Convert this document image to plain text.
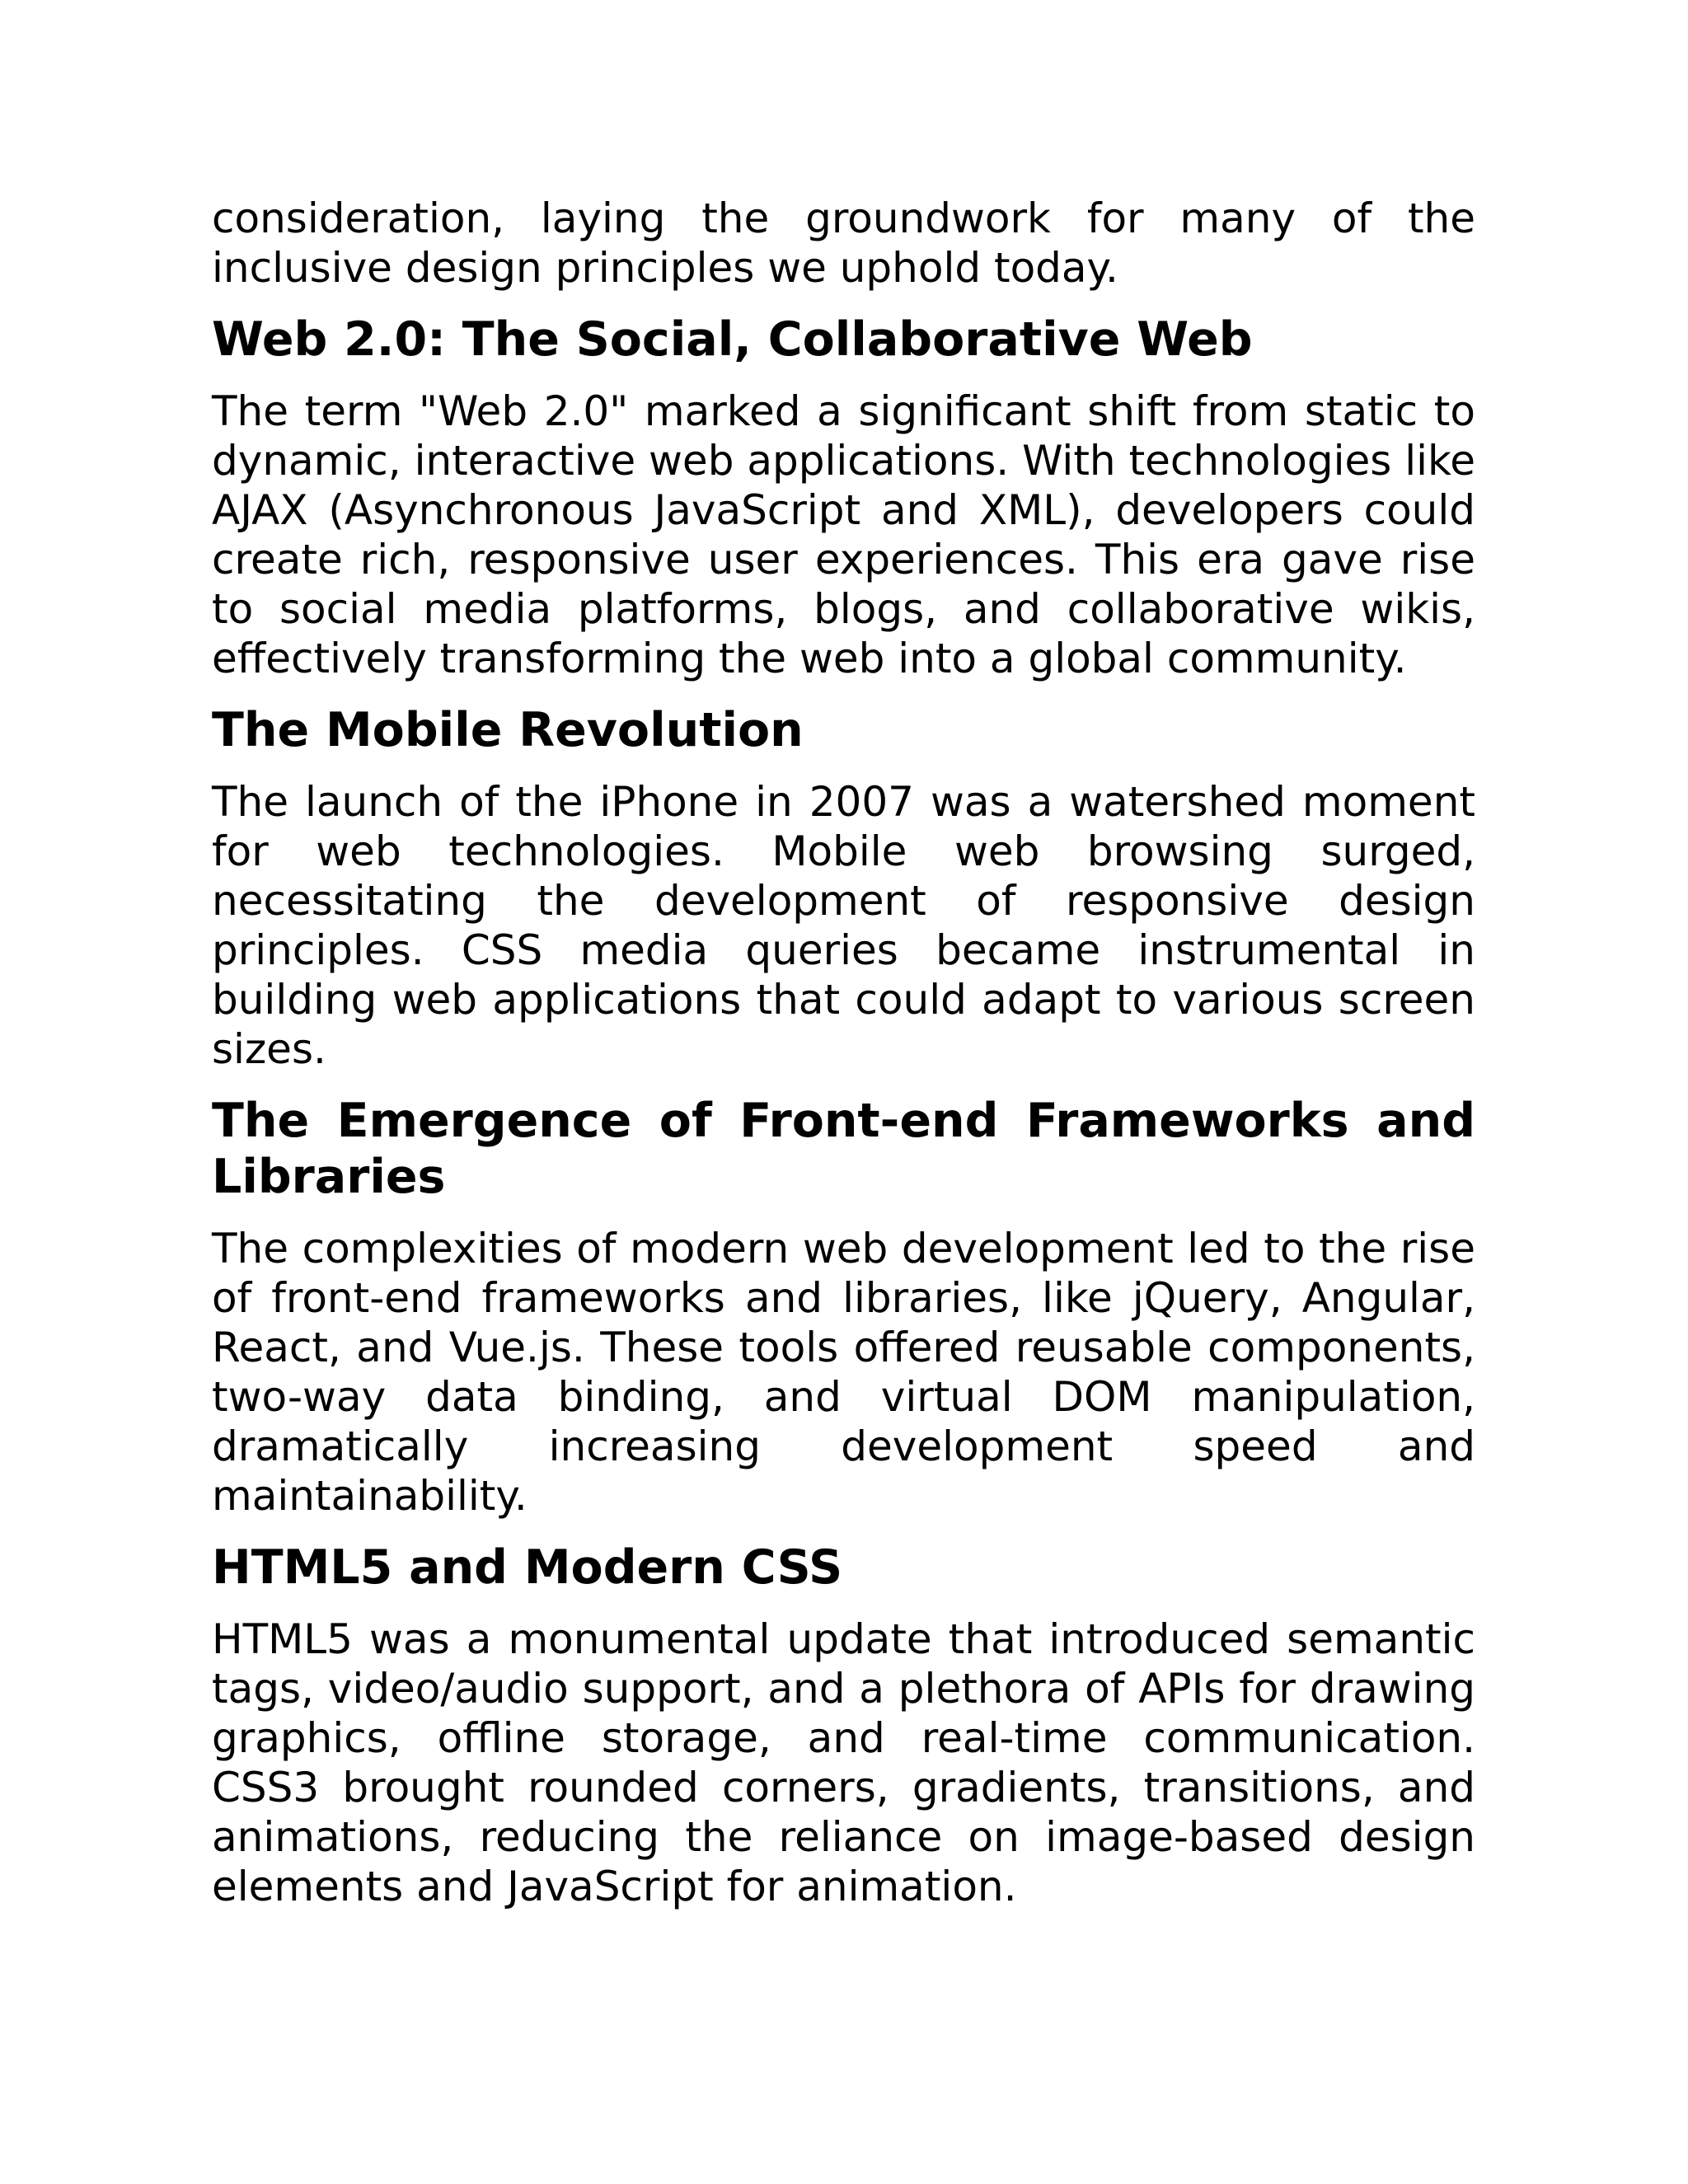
consideration, laying the groundwork for many of the inclusive design principles we uphold today.

Web 2.0: The Social, Collaborative Web

The term "Web 2.0" marked a significant shift from static to dynamic, interactive web applications. With technologies like AJAX (Asynchronous JavaScript and XML), developers could create rich, responsive user experiences. This era gave rise to social media platforms, blogs, and collaborative wikis, effectively transforming the web into a global community.

The Mobile Revolution

The launch of the iPhone in 2007 was a watershed moment for web technologies. Mobile web browsing surged, necessitating the development of responsive design principles. CSS media queries became instrumental in building web applications that could adapt to various screen sizes.

The Emergence of Front-end Frameworks and Libraries

The complexities of modern web development led to the rise of front-end frameworks and libraries, like jQuery, Angular, React, and Vue.js. These tools offered reusable components, two-way data binding, and virtual DOM manipulation, dramatically increasing development speed and maintainability.

HTML5 and Modern CSS

HTML5 was a monumental update that introduced semantic tags, video/audio support, and a plethora of APIs for drawing graphics, offline storage, and real-time communication. CSS3 brought rounded corners, gradients, transitions, and animations, reducing the reliance on image-based design elements and JavaScript for animation.
